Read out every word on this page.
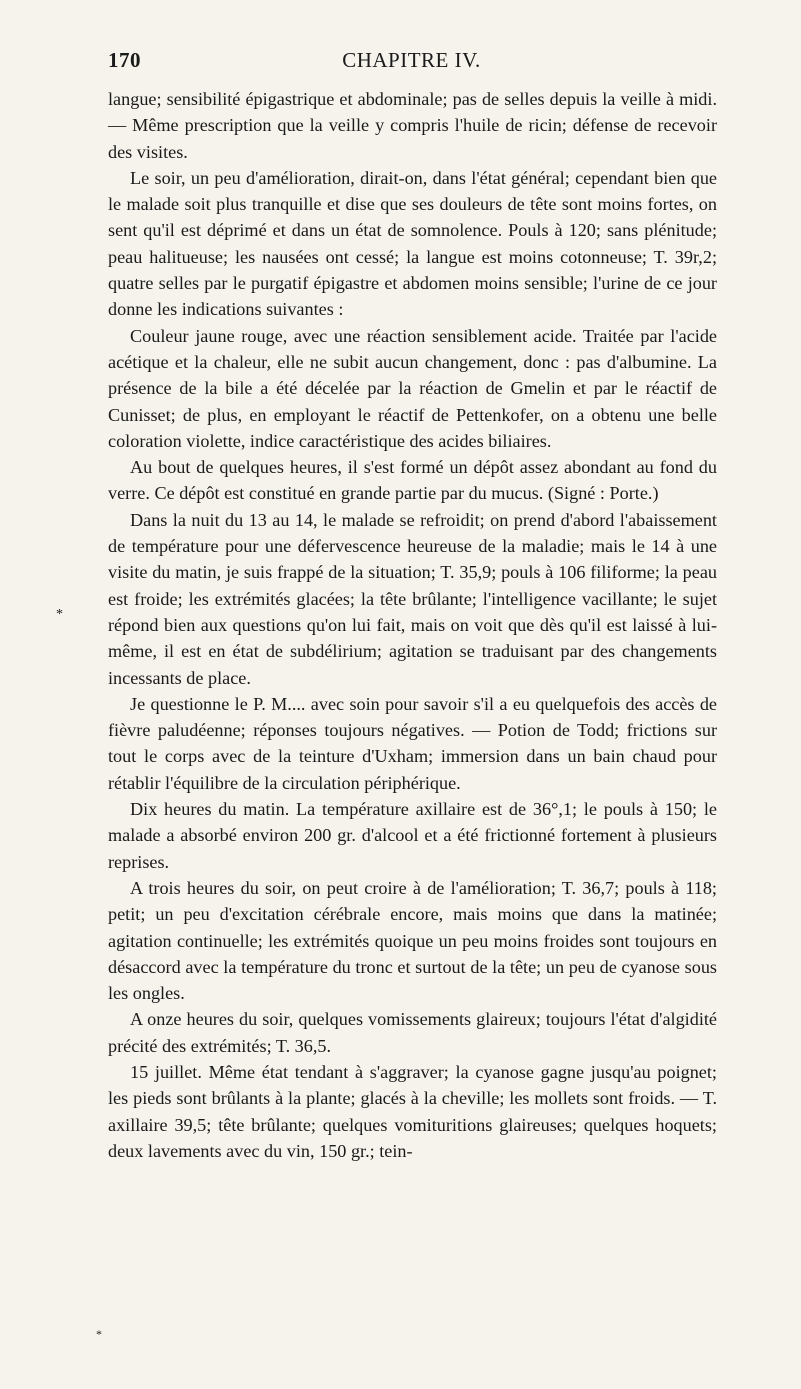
170	CHAPITRE IV.
*

langue; sensibilité épigastrique et abdominale; pas de selles depuis la veille à midi. — Même prescription que la veille y compris l'huile de ricin; défense de recevoir des visites.

Le soir, un peu d'amélioration, dirait-on, dans l'état général; cependant bien que le malade soit plus tranquille et dise que ses douleurs de tête sont moins fortes, on sent qu'il est déprimé et dans un état de somnolence. Pouls à 120; sans plénitude; peau halitueuse; les nausées ont cessé; la langue est moins cotonneuse; T. 39r,2; quatre selles par le purgatif épigastre et abdomen moins sensible; l'urine de ce jour donne les indications suivantes :

Couleur jaune rouge, avec une réaction sensiblement acide. Traitée par l'acide acétique et la chaleur, elle ne subit aucun changement, donc : pas d'albumine. La présence de la bile a été décelée par la réaction de Gmelin et par le réactif de Cunisset; de plus, en employant le réactif de Pettenkofer, on a obtenu une belle coloration violette, indice caractéristique des acides biliaires.

Au bout de quelques heures, il s'est formé un dépôt assez abondant au fond du verre. Ce dépôt est constitué en grande partie par du mucus. (Signé : Porte.)

Dans la nuit du 13 au 14, le malade se refroidit; on prend d'abord l'abaissement de température pour une défervescence heureuse de la maladie; mais le 14 à une visite du matin, je suis frappé de la situation; T. 35,9; pouls à 106 filiforme; la peau est froide; les extrémités glacées; la tête brûlante; l'intelligence vacillante; le sujet répond bien aux questions qu'on lui fait, mais on voit que dès qu'il est laissé à lui-même, il est en état de subdélirium; agitation se traduisant par des changements incessants de place.

Je questionne le P. M.... avec soin pour savoir s'il a eu quelquefois des accès de fièvre paludéenne; réponses toujours négatives. — Potion de Todd; frictions sur tout le corps avec de la teinture d'Uxham; immersion dans un bain chaud pour rétablir l'équilibre de la circulation périphérique.

Dix heures du matin. La température axillaire est de 36°,1; le pouls à 150; le malade a absorbé environ 200 gr. d'alcool et a été frictionné fortement à plusieurs reprises.

A trois heures du soir, on peut croire à de l'amélioration; T. 36,7; pouls à 118; petit; un peu d'excitation cérébrale encore, mais moins que dans la matinée; agitation continuelle; les extrémités quoique un peu moins froides sont toujours en désaccord avec la température du tronc et surtout de la tête; un peu de cyanose sous les ongles.

A onze heures du soir, quelques vomissements glaireux; toujours l'état d'algidité précité des extrémités; T. 36,5.

15 juillet. Même état tendant à s'aggraver; la cyanose gagne jusqu'au poignet; les pieds sont brûlants à la plante; glacés à la cheville; les mollets sont froids. — T. axillaire 39,5; tête brûlante; quelques vomituritions glaireuses; quelques hoquets; deux lavements avec du vin, 150 gr.; tein-

*
